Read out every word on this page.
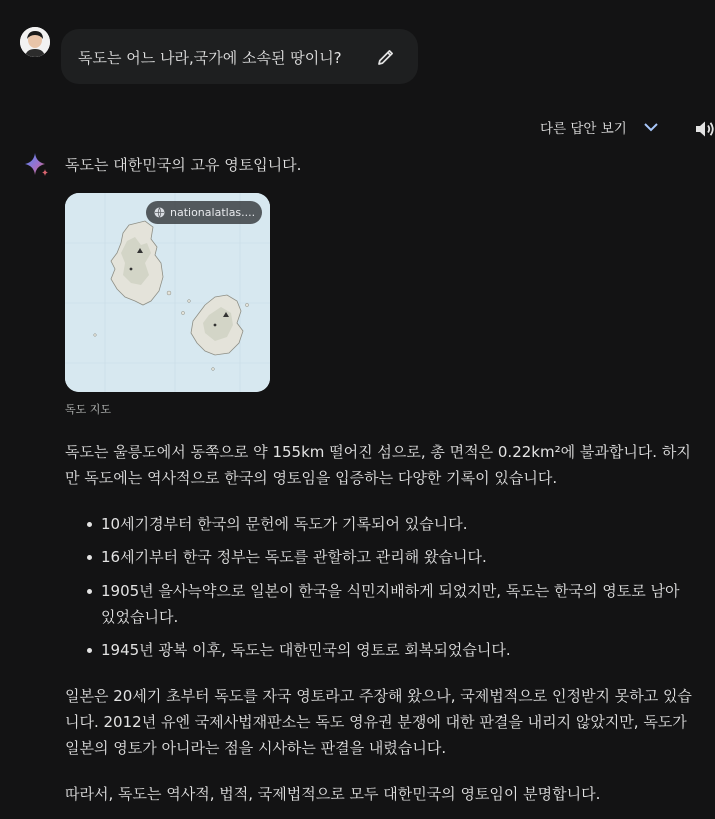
독도는 어느 나라,국가에 소속된 땅이니?
다른 답안 보기
독도는 대한민국의 고유 영토입니다.
nationalatlas....
독도 지도
독도는 울릉도에서 동쪽으로 약 155km 떨어진 섬으로, 총 면적은 0.22km²에 불과합니다. 하지만 독도에는 역사적으로 한국의 영토임을 입증하는 다양한 기록이 있습니다.
10세기경부터 한국의 문헌에 독도가 기록되어 있습니다.
16세기부터 한국 정부는 독도를 관할하고 관리해 왔습니다.
1905년 을사늑약으로 일본이 한국을 식민지배하게 되었지만, 독도는 한국의 영토로 남아 있었습니다.
1945년 광복 이후, 독도는 대한민국의 영토로 회복되었습니다.
일본은 20세기 초부터 독도를 자국 영토라고 주장해 왔으나, 국제법적으로 인정받지 못하고 있습니다. 2012년 유엔 국제사법재판소는 독도 영유권 분쟁에 대한 판결을 내리지 않았지만, 독도가 일본의 영토가 아니라는 점을 시사하는 판결을 내렸습니다.
따라서, 독도는 역사적, 법적, 국제법적으로 모두 대한민국의 영토임이 분명합니다.
